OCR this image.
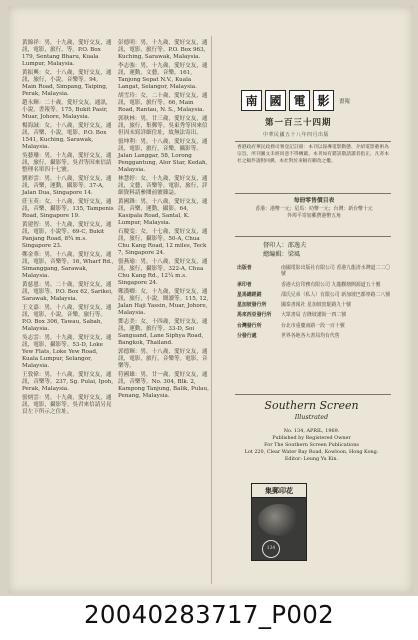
黃錦祥：男，十九歲，愛好交友，通訊，電影，旅行，等。P.O. Box 179, Sentang Bharu, Kuala Lumpur, Malaysia.

黃振興：女，十八歲，愛好交友，通訊，旅行，小說，音樂等。94, Main Road, Simpang, Taiping, Perak, Malaysia.

趙永輝：二十歲，愛好交友，通訊，小說，書報等。175, Bukit Pasir, Muar, Johore, Malaysia.

楊海誠：女，十八歲，愛好交友，通訊，音樂，小說，電影。P.O. Box 1541, Kuching, Sarawak, Malaysia.

吳藝珊：男，十九歲，愛好交友，通訊，旅行，攝影等。吳君等因來信請整理名單四十七號。

劉彩雲：男，十八歲，愛好交友，通訊，音樂，運動，攝影等。37-A, Jalan Dua, Singapore 14.

莊玉英：女，十八歲，愛好交友，通訊，音樂，攝影等。135, Tampenis Road, Singapore 19.

黃建智：男，十九歲，愛好交友，通訊，電影，小說等。69-C, Bukit Panjang Road, 8¾ m.s. Singapore 23.

鄭金華：男，十八歲，愛好交友，通訊，電影，音樂等。16, Wharf Rd., Simanggang, Sarawak, Malaysia.

黃慈恩：男，二十歲，愛好交友，通訊，電影等。P.O. Box 62, Sarikei, Sarawak, Malaysia.

王文嘉：男，十八歲，愛好交友，通訊，電影，小說，音樂，旅行等。P.O. Box 306, Tawau, Sabah, Malaysia.

吳志雲：男，十九歲，愛好交友，通訊，電影，攝影等。53-D, Loke Yew Flats, Loke Yew Road, Kuala Lumpur, Selangor, Malaysia.

王敦偉：男，十八歲，愛好交友，通訊，音樂等。237, Sg. Pulai, Ipoh, Perak, Malaysia.

張炳雲：男，十九歲，愛好交友，通訊，電影，攝影等。吳君來信請另見頁左下所示之住址。

彭德明：男，十九歲，愛好交友，通訊，電影，旅行等。P.O. Box 963, Kuching, Sarawak, Malaysia.

李志強：男，十九歲，愛好交友，通訊，運動，文藝，音樂。161, Tanjong Sepat N.V., Kuala Langat, Selangor, Malaysia.

胡雪玲：女，二十歲，愛好交友，通訊，電影，旅行等。66, Main Road, Rantau, N. S., Malaysia.

郭秋林：男，廿三歲，愛好交友，通訊，旅行，集郵等。吳東秀等因來信但因未寫詳細住址，故無法寄出。

張坤利：男，十八歲，愛好交友，通訊，電影，旅行，音樂，攝影等。Jalan Langgar, 58, Lorong Penggantung, Alor Star, Kedah, Malaysia.

林慧婷：女，十九歲，愛好交友，通訊，文藝，音樂等。電影，旅行，詳細資料請參閱前號雜誌。

黃國鋒：男，十八歲，愛好交友，通訊，音樂，運動，攝影。64, Kasipala Road, Santal, K. Lumpur, Malaysia.

石慶雯：女，十七歲，愛好交友，通訊，旅行，攝影等。50-A, Chua Chu Kang Road, 12 miles, Teck 7, Singapore 24.

張燕瑜：男，十八歲，愛好交友，通訊，旅行，攝影等。322-A, Chua Chu Kang Rd., 12¼ m.s. Singapore 24.

鄭漢卿：女，十九歲，愛好交友，通訊，旅行，小說，閱讀等。115, 12, Jalan Haji Yassin, Muar, Johore, Malaysia.

鄧志美：女，十四歲，愛好交友，通訊，運動，旅行等。33-D, Soi Sanguand, Lane Siphya Road, Bangkok, Thailand.

郭德輝：男，十八歲，愛好交友，通訊，電影，旅行，音樂等。電影，音樂等。

符國雄：男，廿一歲，愛好交友，通訊，音樂等。No. 304, Blk. 2, Kampong Tanjung, Balik, Pulau, Penang, Malaysia.

南 國 電 影	畫報
第一百三十四期
中華民國五十八年四月出版
香港政府華民政務司署登記註冊：本刊以報導電影動態、介紹電影藝術為宗旨。所刊圖文未經同意不得轉載。本刊如有錯誤敬請讀者指正，凡寄本社之稿件請附回郵，本社對於來稿有刪改之權。
每冊零售價目表
香港：港幣一元；星馬：叻幣一元；台灣：新台幣十元
外埠平寄加郵費港幣五角
督印人：邵逸夫
總編輯：梁風
出版者	南國電影出版社有限公司 香港九龍清水灣道二二〇號
承印者	香港大信印務有限公司 九龍觀塘開源道五十號
星馬總經銷	邵氏兄弟（私人）有限公司 新加坡巴都寧路二八號
星加坡發行所	國泰書報社 星加坡密駝路九十號
馬來西亞發行所	大眾書局 吉隆坡諧街一四二號
台灣發行所	台北市重慶南路一段一百十號
分發行處	世界各地各大書局均有代售
Southern Screen
Illustrated
No. 134, APRIL, 1969.
Published by Registered Owner
For The Southern Screen Publications
Lot 220, Clear Water Bay Road, Kowloon, Hong Kong.
Editor: Leung Yu Kin.
集郵印花
134
20040283717_P002
